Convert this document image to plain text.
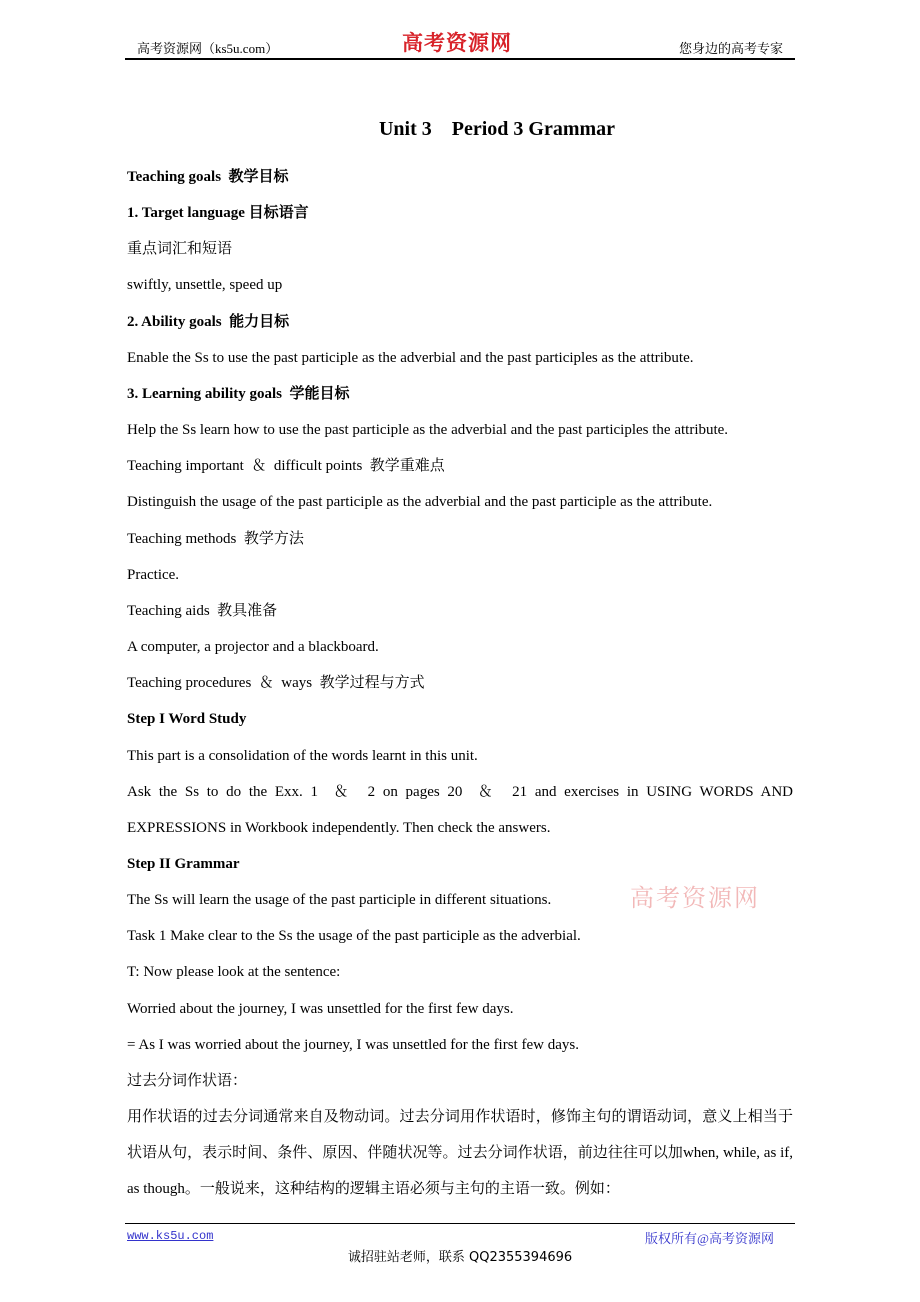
高考资源网（ks5u.com）	高考资源网	您身边的高考专家
Unit 3    Period 3 Grammar

Teaching goals  教学目标

1. Target language 目标语言

重点词汇和短语

swiftly, unsettle, speed up

2. Ability goals  能力目标

Enable the Ss to use the past participle as the adverbial and the past participles as the attribute.

3. Learning ability goals  学能目标

Help the Ss learn how to use the past participle as the adverbial and the past participles the attribute.

Teaching important  ＆  difficult points  教学重难点

Distinguish the usage of the past participle as the adverbial and the past participle as the attribute.

Teaching methods  教学方法

Practice.

Teaching aids  教具准备

A computer, a projector and a blackboard.

Teaching procedures  ＆  ways  教学过程与方式

Step I Word Study

This part is a consolidation of the words learnt in this unit.

Ask the Ss to do the Exx. 1  ＆  2 on pages 20  ＆  21 and exercises in USING WORDS AND EXPRESSIONS in Workbook independently. Then check the answers.

Step II Grammar

The Ss will learn the usage of the past participle in different situations.

Task 1 Make clear to the Ss the usage of the past participle as the adverbial.

T: Now please look at the sentence:

Worried about the journey, I was unsettled for the first few days.

= As I was worried about the journey, I was unsettled for the first few days.

过去分词作状语：

用作状语的过去分词通常来自及物动词。过去分词用作状语时，修饰主句的谓语动词，意义上相当于状语从句，表示时间、条件、原因、伴随状况等。过去分词作状语，前边往往可以加when, while, as if, as though。一般说来，这种结构的逻辑主语必须与主句的主语一致。例如：

高考资源网
www.ks5u.com	版权所有@高考资源网
诚招驻站老师，联系 QQ2355394696
